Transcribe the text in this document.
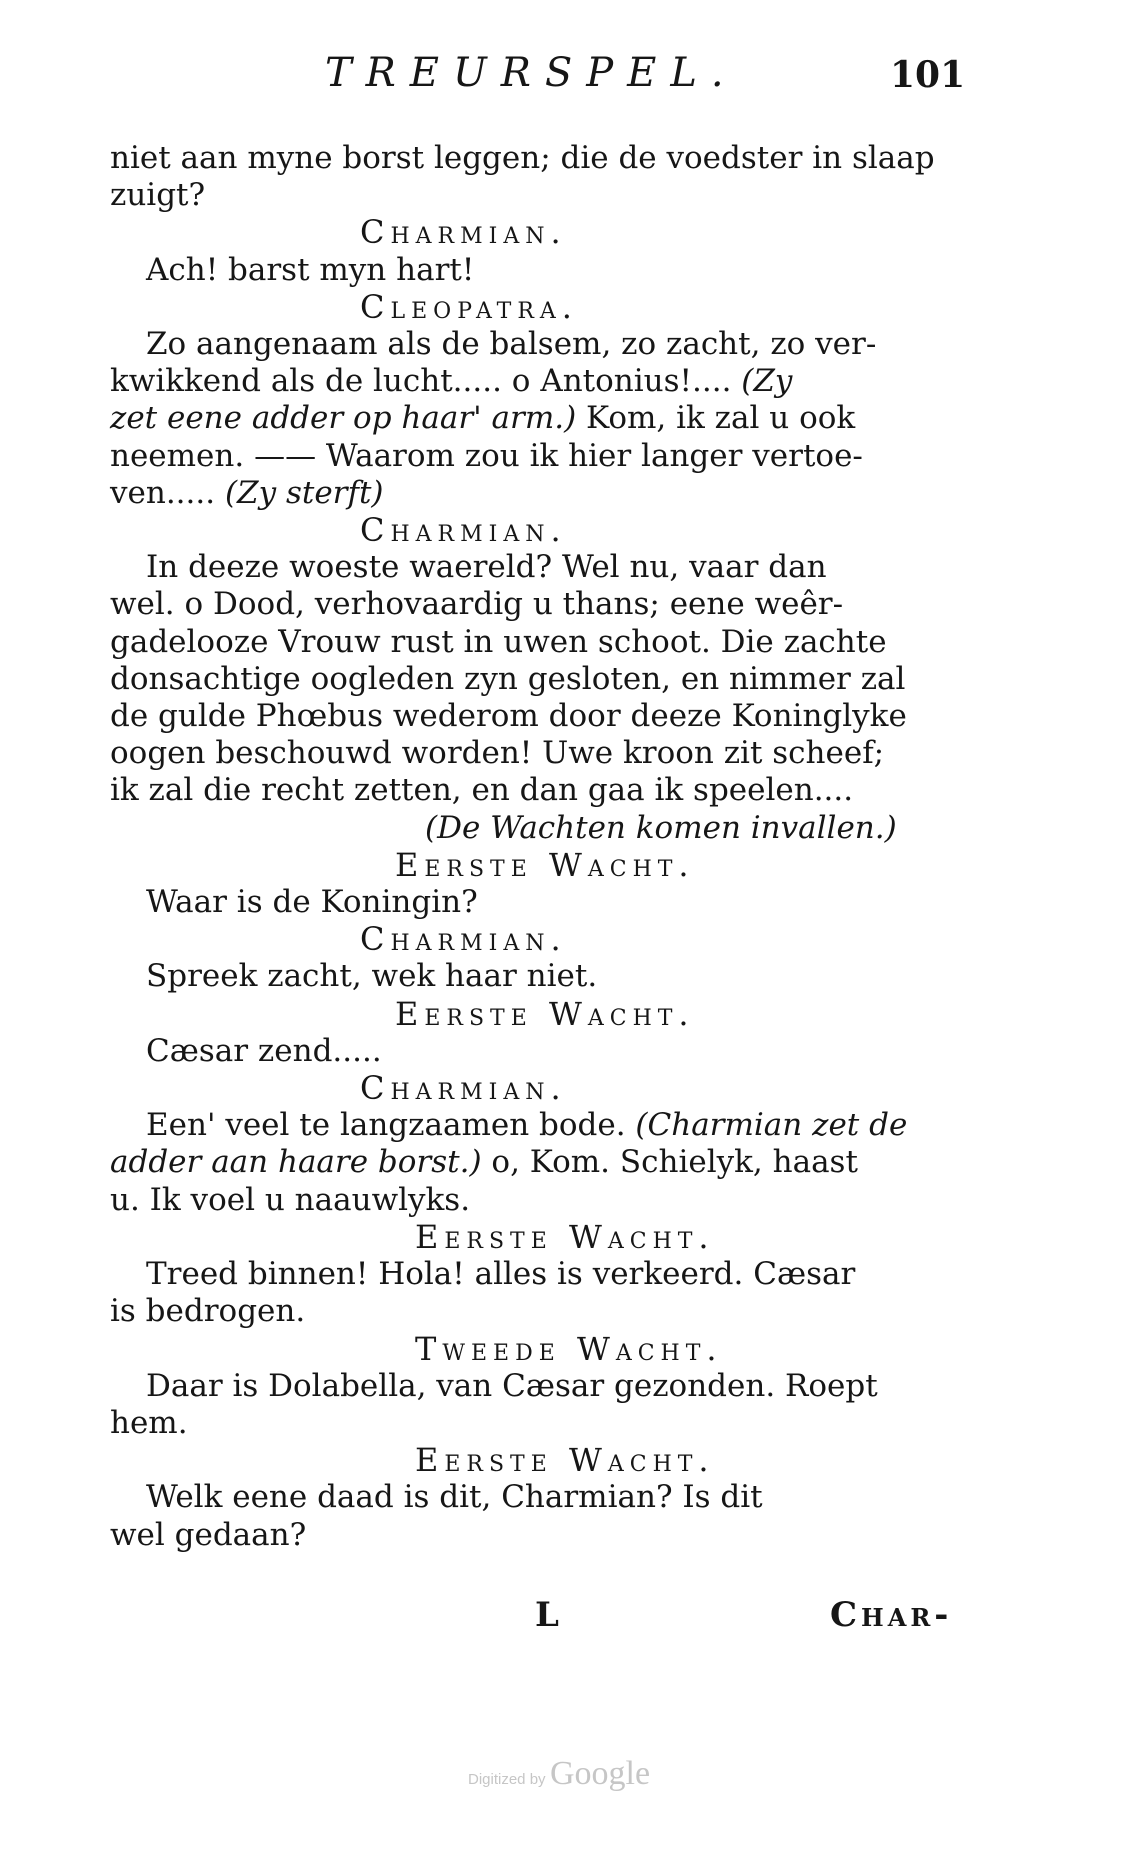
TREURSPEL.	101
niet aan myne borst leggen; die de voedster in slaap
zuigt?
Charmian.
Ach! barst myn hart!
Cleopatra.
Zo aangenaam als de balsem, zo zacht, zo ver-
kwikkend als de lucht..... o Antonius!.... (Zy
zet eene adder op haar' arm.) Kom, ik zal u ook
neemen. —— Waarom zou ik hier langer vertoe-
ven..... (Zy sterft)
Charmian.
In deeze woeste waereld? Wel nu, vaar dan
wel. o Dood, verhovaardig u thans; eene weêr-
gadelooze Vrouw rust in uwen schoot. Die zachte
donsachtige oogleden zyn gesloten, en nimmer zal
de gulde Phœbus wederom door deeze Koninglyke
oogen beschouwd worden! Uwe kroon zit scheef;
ik zal die recht zetten, en dan gaa ik speelen....
(De Wachten komen invallen.)
Eerste Wacht.
Waar is de Koningin?
Charmian.
Spreek zacht, wek haar niet.
Eerste Wacht.
Cæsar zend.....
Charmian.
Een' veel te langzaamen bode. (Charmian zet de
adder aan haare borst.) o, Kom. Schielyk, haast
u. Ik voel u naauwlyks.
Eerste Wacht.
Treed binnen! Hola! alles is verkeerd. Cæsar
is bedrogen.
Tweede Wacht.
Daar is Dolabella, van Cæsar gezonden. Roept
hem.
Eerste Wacht.
Welk eene daad is dit, Charmian? Is dit
wel gedaan?
L	Char-
Digitized by Google
